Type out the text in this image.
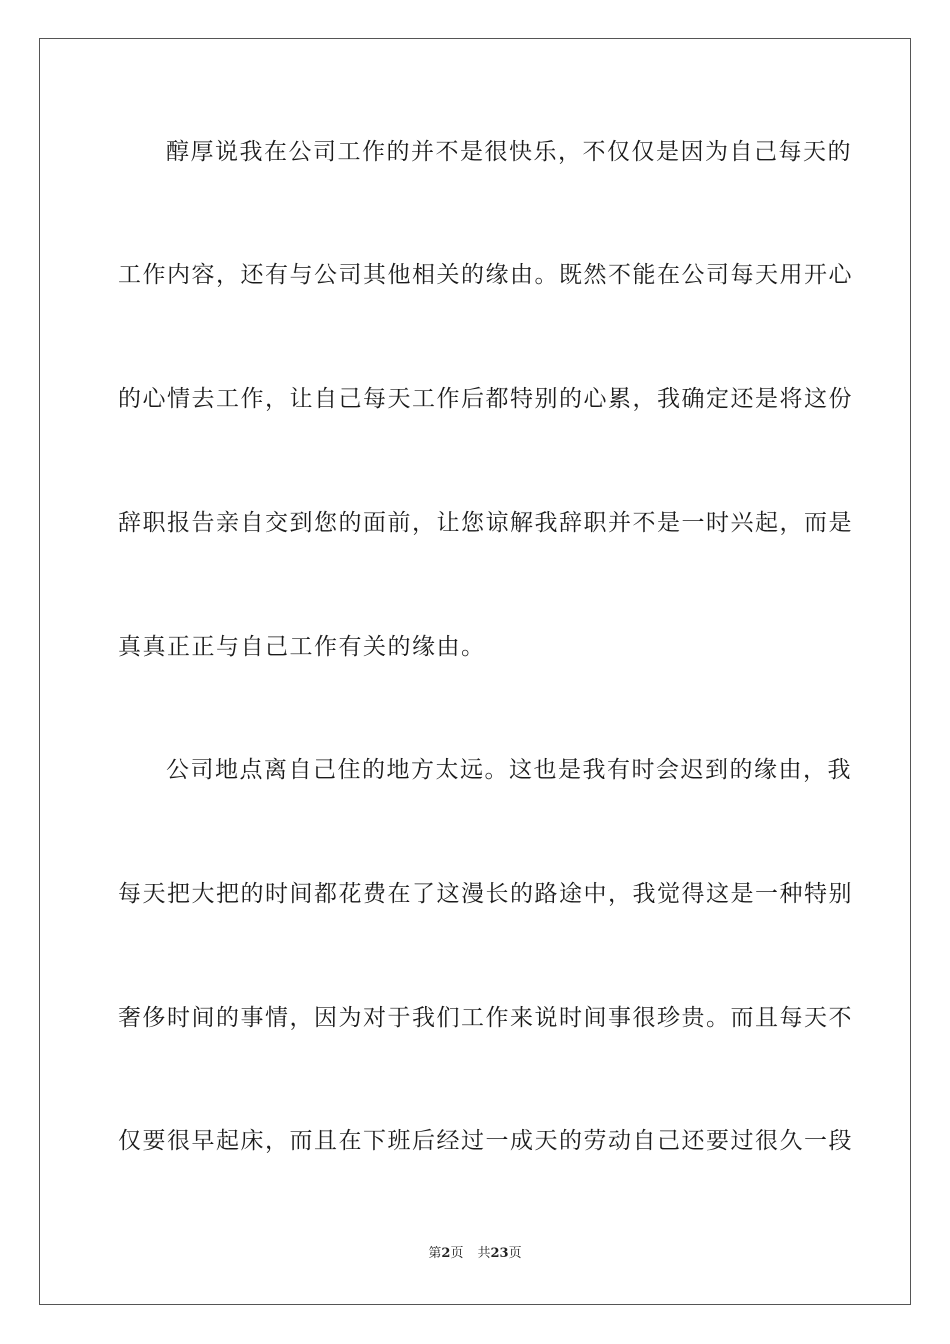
醇厚说我在公司工作的并不是很快乐，不仅仅是因为自己每天的
工作内容，还有与公司其他相关的缘由。既然不能在公司每天用开心
的心情去工作，让自己每天工作后都特别的心累，我确定还是将这份
辞职报告亲自交到您的面前，让您谅解我辞职并不是一时兴起，而是
真真正正与自己工作有关的缘由。
公司地点离自己住的地方太远。这也是我有时会迟到的缘由，我
每天把大把的时间都花费在了这漫长的路途中，我觉得这是一种特别
奢侈时间的事情，因为对于我们工作来说时间事很珍贵。而且每天不
仅要很早起床，而且在下班后经过一成天的劳动自己还要过很久一段
第2页 共23页
